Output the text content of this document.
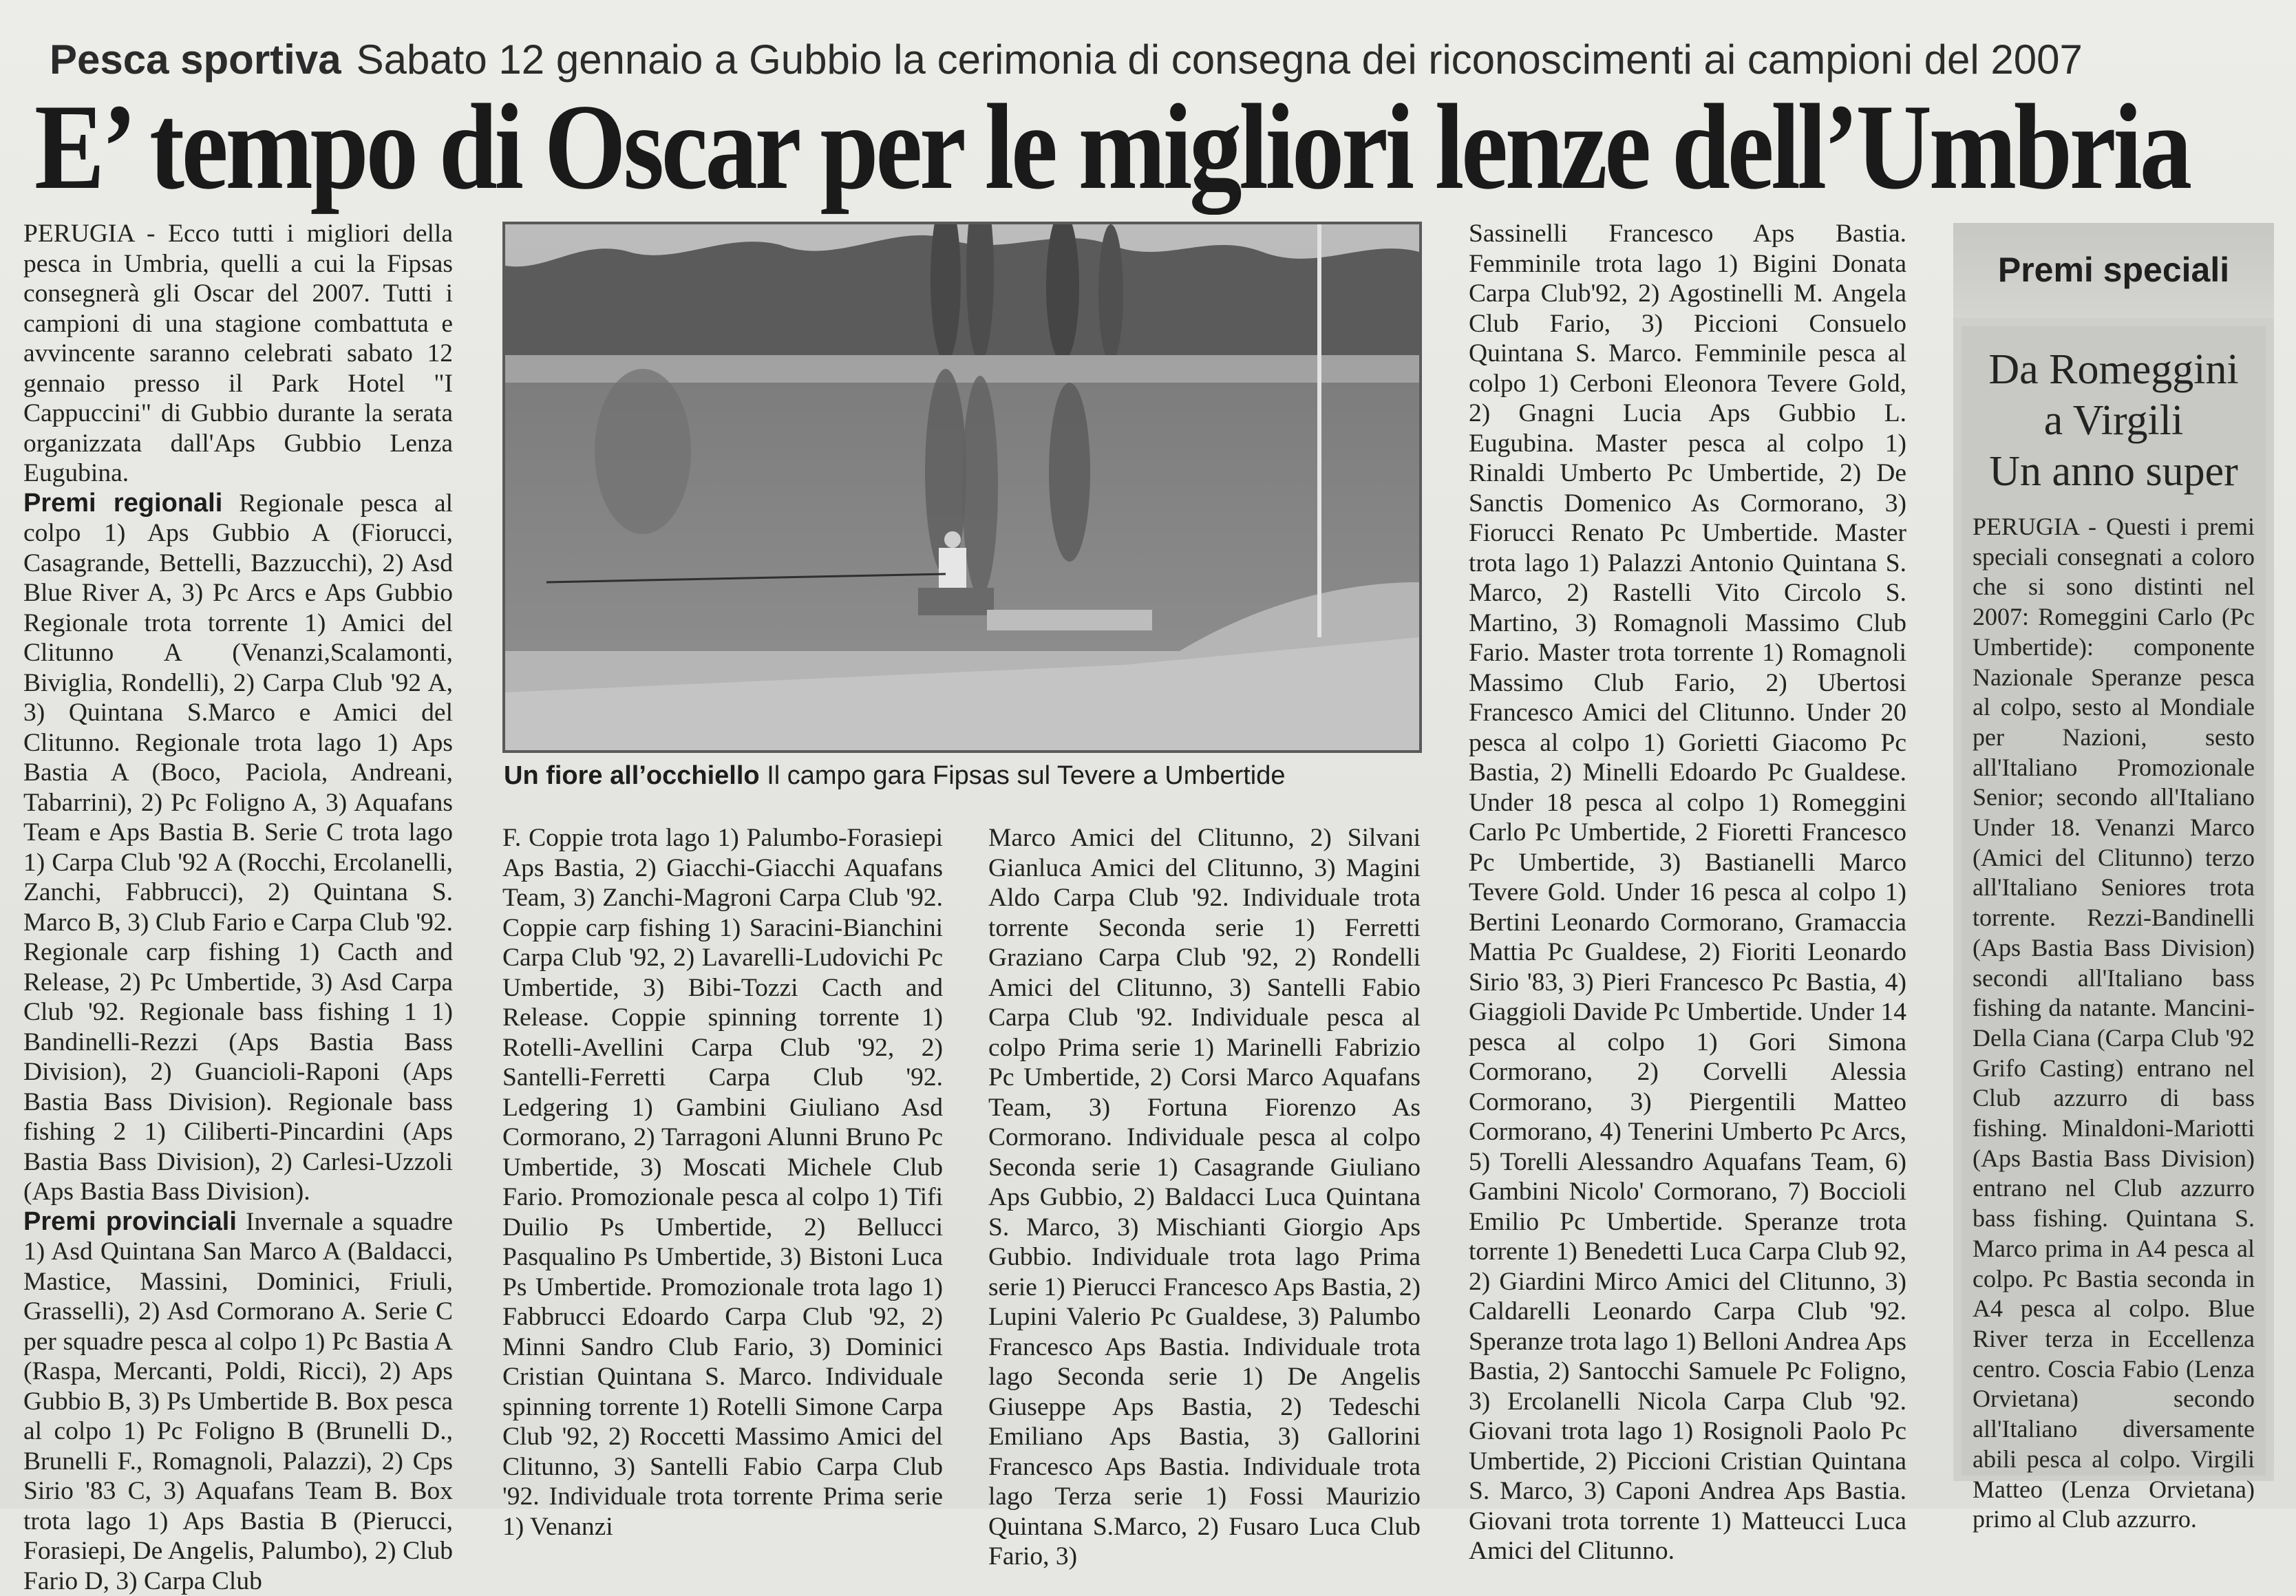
Pesca sportiva Sabato 12 gennaio a Gubbio la cerimonia di consegna dei riconoscimenti ai campioni del 2007
E’ tempo di Oscar per le migliori lenze dell’Umbria

PERUGIA - Ecco tutti i migliori della pesca in Umbria, quelli a cui la Fipsas consegnerà gli Oscar del 2007. Tutti i campioni di una stagione combattuta e avvincente saranno celebrati sabato 12 gennaio presso il Park Hotel "I Cappuccini" di Gubbio durante la serata organizzata dall'Aps Gubbio Lenza Eugubina.

Premi regionali Regionale pesca al colpo 1) Aps Gubbio A (Fiorucci, Casagrande, Bettelli, Bazzucchi), 2) Asd Blue River A, 3) Pc Arcs e Aps Gubbio Regionale trota torrente 1) Amici del Clitunno A (Venanzi,Scalamonti, Biviglia, Rondelli), 2) Carpa Club '92 A, 3) Quintana S.Marco e Amici del Clitunno. Regionale trota lago 1) Aps Bastia A (Boco, Paciola, Andreani, Tabarrini), 2) Pc Foligno A, 3) Aquafans Team e Aps Bastia B. Serie C trota lago 1) Carpa Club '92 A (Rocchi, Ercolanelli, Zanchi, Fabbrucci), 2) Quintana S. Marco B, 3) Club Fario e Carpa Club '92. Regionale carp fishing 1) Cacth and Release, 2) Pc Umbertide, 3) Asd Carpa Club '92. Regionale bass fishing 1 1) Bandinelli-Rezzi (Aps Bastia Bass Division), 2) Guancioli-Raponi (Aps Bastia Bass Division). Regionale bass fishing 2 1) Ciliberti-Pincardini (Aps Bastia Bass Division), 2) Carlesi-Uzzoli (Aps Bastia Bass Division).

Premi provinciali Invernale a squadre 1) Asd Quintana San Marco A (Baldacci, Mastice, Massini, Dominici, Friuli, Grasselli), 2) Asd Cormorano A. Serie C per squadre pesca al colpo 1) Pc Bastia A (Raspa, Mercanti, Poldi, Ricci), 2) Aps Gubbio B, 3) Ps Umbertide B. Box pesca al colpo 1) Pc Foligno B (Brunelli D., Brunelli F., Romagnoli, Palazzi), 2) Cps Sirio '83 C, 3) Aquafans Team B. Box trota lago 1) Aps Bastia B (Pierucci, Forasiepi, De Angelis, Palumbo), 2) Club Fario D, 3) Carpa Club

Un fiore all’occhiello Il campo gara Fipsas sul Tevere a Umbertide

F. Coppie trota lago 1) Palumbo-Forasiepi Aps Bastia, 2) Giacchi-Giacchi Aquafans Team, 3) Zanchi-Magroni Carpa Club '92. Coppie carp fishing 1) Saracini-Bianchini Carpa Club '92, 2) Lavarelli-Ludovichi Pc Umbertide, 3) Bibi-Tozzi Cacth and Release. Coppie spinning torrente 1) Rotelli-Avellini Carpa Club '92, 2) Santelli-Ferretti Carpa Club '92. Ledgering 1) Gambini Giuliano Asd Cormorano, 2) Tarragoni Alunni Bruno Pc Umbertide, 3) Moscati Michele Club Fario. Promozionale pesca al colpo 1) Tifi Duilio Ps Umbertide, 2) Bellucci Pasqualino Ps Umbertide, 3) Bistoni Luca Ps Umbertide. Promozionale trota lago 1) Fabbrucci Edoardo Carpa Club '92, 2) Minni Sandro Club Fario, 3) Dominici Cristian Quintana S. Marco. Individuale spinning torrente 1) Rotelli Simone Carpa Club '92, 2) Roccetti Massimo Amici del Clitunno, 3) Santelli Fabio Carpa Club '92. Individuale trota torrente Prima serie 1) Venanzi

Marco Amici del Clitunno, 2) Silvani Gianluca Amici del Clitunno, 3) Magini Aldo Carpa Club '92. Individuale trota torrente Seconda serie 1) Ferretti Graziano Carpa Club '92, 2) Rondelli Amici del Clitunno, 3) Santelli Fabio Carpa Club '92. Individuale pesca al colpo Prima serie 1) Marinelli Fabrizio Pc Umbertide, 2) Corsi Marco Aquafans Team, 3) Fortuna Fiorenzo As Cormorano. Individuale pesca al colpo Seconda serie 1) Casagrande Giuliano Aps Gubbio, 2) Baldacci Luca Quintana S. Marco, 3) Mischianti Giorgio Aps Gubbio. Individuale trota lago Prima serie 1) Pierucci Francesco Aps Bastia, 2) Lupini Valerio Pc Gualdese, 3) Palumbo Francesco Aps Bastia. Individuale trota lago Seconda serie 1) De Angelis Giuseppe Aps Bastia, 2) Tedeschi Emiliano Aps Bastia, 3) Gallorini Francesco Aps Bastia. Individuale trota lago Terza serie 1) Fossi Maurizio Quintana S.Marco, 2) Fusaro Luca Club Fario, 3)

Sassinelli Francesco Aps Bastia. Femminile trota lago 1) Bigini Donata Carpa Club'92, 2) Agostinelli M. Angela Club Fario, 3) Piccioni Consuelo Quintana S. Marco. Femminile pesca al colpo 1) Cerboni Eleonora Tevere Gold, 2) Gnagni Lucia Aps Gubbio L. Eugubina. Master pesca al colpo 1) Rinaldi Umberto Pc Umbertide, 2) De Sanctis Domenico As Cormorano, 3) Fiorucci Renato Pc Umbertide. Master trota lago 1) Palazzi Antonio Quintana S. Marco, 2) Rastelli Vito Circolo S. Martino, 3) Romagnoli Massimo Club Fario. Master trota torrente 1) Romagnoli Massimo Club Fario, 2) Ubertosi Francesco Amici del Clitunno. Under 20 pesca al colpo 1) Gorietti Giacomo Pc Bastia, 2) Minelli Edoardo Pc Gualdese. Under 18 pesca al colpo 1) Romeggini Carlo Pc Umbertide, 2 Fioretti Francesco Pc Umbertide, 3) Bastianelli Marco Tevere Gold. Under 16 pesca al colpo 1) Bertini Leonardo Cormorano, Gramaccia Mattia Pc Gualdese, 2) Fioriti Leonardo Sirio '83, 3) Pieri Francesco Pc Bastia, 4) Giaggioli Davide Pc Umbertide. Under 14 pesca al colpo 1) Gori Simona Cormorano, 2) Corvelli Alessia Cormorano, 3) Piergentili Matteo Cormorano, 4) Tenerini Umberto Pc Arcs, 5) Torelli Alessandro Aquafans Team, 6) Gambini Nicolo' Cormorano, 7) Boccioli Emilio Pc Umbertide. Speranze trota torrente 1) Benedetti Luca Carpa Club 92, 2) Giardini Mirco Amici del Clitunno, 3) Caldarelli Leonardo Carpa Club '92. Speranze trota lago 1) Belloni Andrea Aps Bastia, 2) Santocchi Samuele Pc Foligno, 3) Ercolanelli Nicola Carpa Club '92. Giovani trota lago 1) Rosignoli Paolo Pc Umbertide, 2) Piccioni Cristian Quintana S. Marco, 3) Caponi Andrea Aps Bastia. Giovani trota torrente 1) Matteucci Luca Amici del Clitunno.

Premi speciali
Da Romeggini
a Virgili
Un anno super
PERUGIA - Questi i premi speciali consegnati a coloro che si sono distinti nel 2007: Romeggini Carlo (Pc Umbertide): componente Nazionale Speranze pesca al colpo, sesto al Mondiale per Nazioni, sesto all'Italiano Promozionale Senior; secondo all'Italiano Under 18. Venanzi Marco (Amici del Clitunno) terzo all'Italiano Seniores trota torrente. Rezzi-Bandinelli (Aps Bastia Bass Division) secondi all'Italiano bass fishing da natante. Mancini-Della Ciana (Carpa Club '92 Grifo Casting) entrano nel Club azzurro di bass fishing. Minaldoni-Mariotti (Aps Bastia Bass Division) entrano nel Club azzurro bass fishing. Quintana S. Marco prima in A4 pesca al colpo. Pc Bastia seconda in A4 pesca al colpo. Blue River terza in Eccellenza centro. Coscia Fabio (Lenza Orvietana) secondo all'Italiano diversamente abili pesca al colpo. Virgili Matteo (Lenza Orvietana) primo al Club azzurro.
